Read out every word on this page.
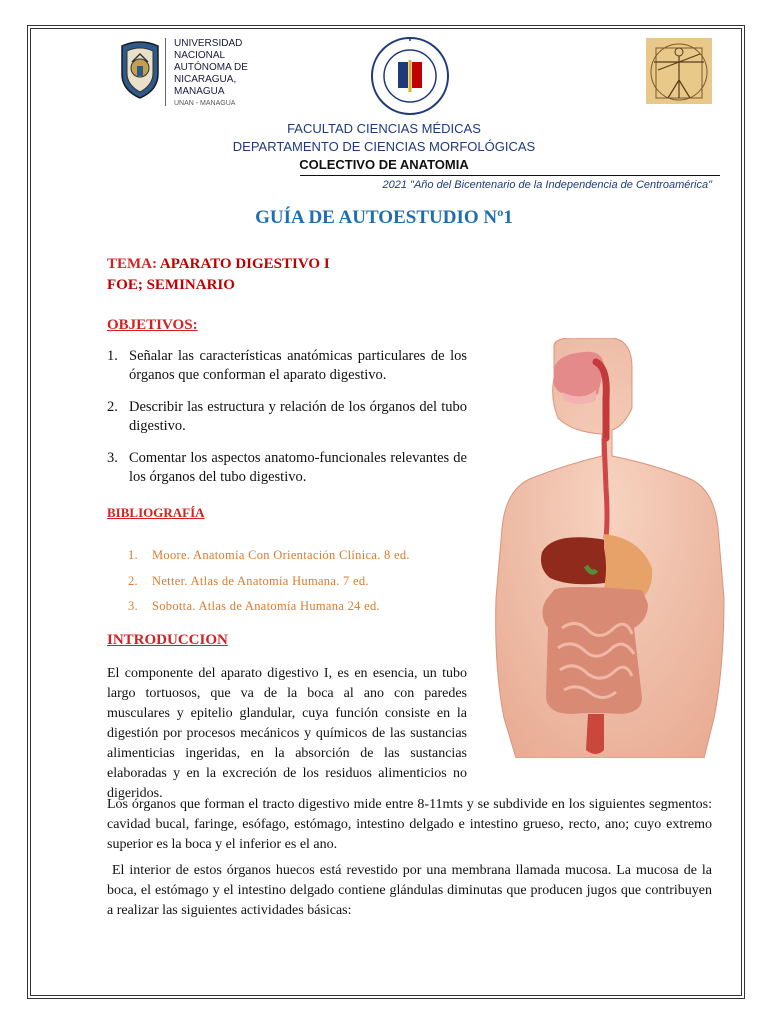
UNIVERSIDAD
NACIONAL
AUTÓNOMA DE
NICARAGUA,
MANAGUA
UNAN - MANAGUA
FACULTAD CIENCIAS MÉDICAS
DEPARTAMENTO DE CIENCIAS MORFOLÓGICAS
COLECTIVO DE ANATOMIA
2021 "Año del Bicentenario de la Independencia de Centroamérica"
GUÍA DE AUTOESTUDIO Nº1
TEMA: APARATO DIGESTIVO I
FOE; SEMINARIO
OBJETIVOS:
1. Señalar las características anatómicas particulares de los órganos que conforman el aparato digestivo.
2. Describir las estructura y relación de los órganos del tubo digestivo.
3. Comentar los aspectos anatomo-funcionales relevantes de los órganos del tubo digestivo.
BIBLIOGRAFÍA
1. Moore. Anatomía Con Orientación Clínica. 8 ed.
2. Netter. Atlas de Anatomía Humana. 7 ed.
3. Sobotta. Atlas de Anatomía Humana 24 ed.
INTRODUCCION
El componente del aparato digestivo I, es en esencia, un tubo largo tortuosos, que va de la boca al ano con paredes musculares y epitelio glandular, cuya función consiste en la digestión por procesos mecánicos y químicos de las sustancias alimenticias ingeridas, en la absorción de las sustancias elaboradas y en la excreción de los residuos alimenticios no digeridos.
Los órganos que forman el tracto digestivo mide entre 8-11mts y se subdivide en los siguientes segmentos: cavidad bucal, faringe, esófago, estómago, intestino delgado e intestino grueso, recto, ano; cuyo extremo superior es la boca y el inferior es el ano.
El interior de estos órganos huecos está revestido por una membrana llamada mucosa. La mucosa de la boca, el estómago y el intestino delgado contiene glándulas diminutas que producen jugos que contribuyen a realizar las siguientes actividades básicas:
